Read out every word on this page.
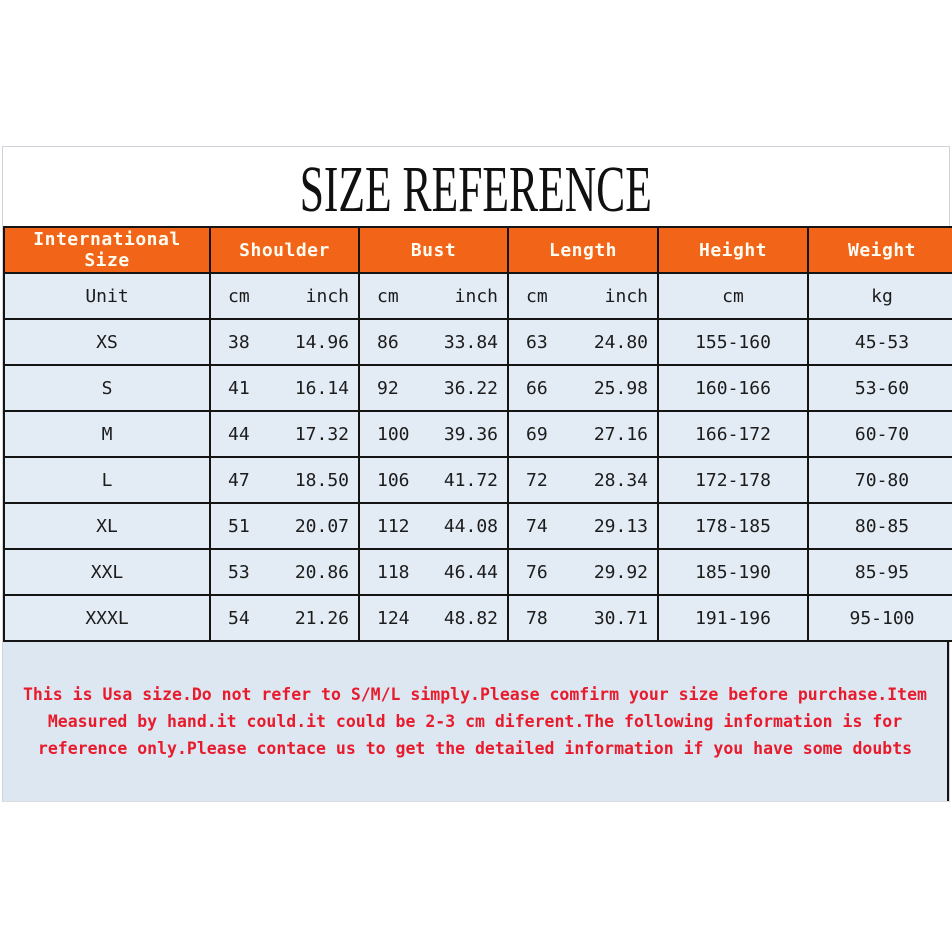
SIZE REFERENCE
International Size	Shoulder	Bust	Length	Height	Weight
Unit	cm inch	cm inch	cm inch	cm	kg
XS	38 14.96	86 33.84	63 24.80	155-160	45-53
S	41 16.14	92 36.22	66 25.98	160-166	53-60
M	44 17.32	100 39.36	69 27.16	166-172	60-70
L	47 18.50	106 41.72	72 28.34	172-178	70-80
XL	51 20.07	112 44.08	74 29.13	178-185	80-85
XXL	53 20.86	118 46.44	76 29.92	185-190	85-95
XXXL	54 21.26	124 48.82	78 30.71	191-196	95-100
This is Usa size.Do not refer to S/M/L simply.Please comfirm your size before purchase.Item
Measured by hand.it could.it could be 2-3 cm diferent.The following information is for
reference only.Please contace us to get the detailed information if you have some doubts
